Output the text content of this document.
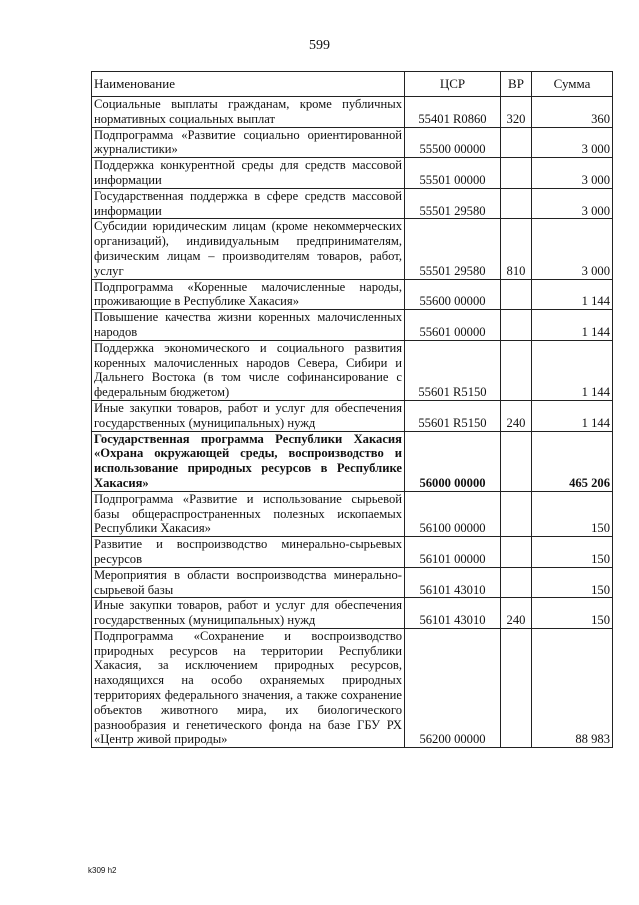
599
Наименование	ЦСР	ВР	Сумма
Социальные выплаты гражданам, кроме публичных нормативных социальных выплат	55401 R0860	320	360
Подпрограмма «Развитие социально ориентированной журналистики»	55500 00000		3 000
Поддержка конкурентной среды для средств массовой информации	55501 00000		3 000
Государственная поддержка в сфере средств массовой информации	55501 29580		3 000
Субсидии юридическим лицам (кроме некоммерческих организаций), индивидуальным предпринимателям, физическим лицам – производителям товаров, работ, услуг	55501 29580	810	3 000
Подпрограмма «Коренные малочисленные народы, проживающие в Республике Хакасия»	55600 00000		1 144
Повышение качества жизни коренных малочисленных народов	55601 00000		1 144
Поддержка экономического и социального развития коренных малочисленных народов Севера, Сибири и Дальнего Востока (в том числе софинансирование с федеральным бюджетом)	55601 R5150		1 144
Иные закупки товаров, работ и услуг для обеспечения государственных (муниципальных) нужд	55601 R5150	240	1 144
Государственная программа Республики Хакасия «Охрана окружающей среды, воспроизводство и использование природных ресурсов в Республике Хакасия»	56000 00000		465 206
Подпрограмма «Развитие и использование сырьевой базы общераспространенных полезных ископаемых Республики Хакасия»	56100 00000		150
Развитие и воспроизводство минерально-сырьевых ресурсов	56101 00000		150
Мероприятия в области воспроизводства минерально-сырьевой базы	56101 43010		150
Иные закупки товаров, работ и услуг для обеспечения государственных (муниципальных) нужд	56101 43010	240	150
Подпрограмма «Сохранение и воспроизводство природных ресурсов на территории Республики Хакасия, за исключением природных ресурсов, находящихся на особо охраняемых природных территориях федерального значения, а также сохранение объектов животного мира, их биологического разнообразия и генетического фонда на базе ГБУ РХ «Центр живой природы»	56200 00000		88 983
k309 h2
